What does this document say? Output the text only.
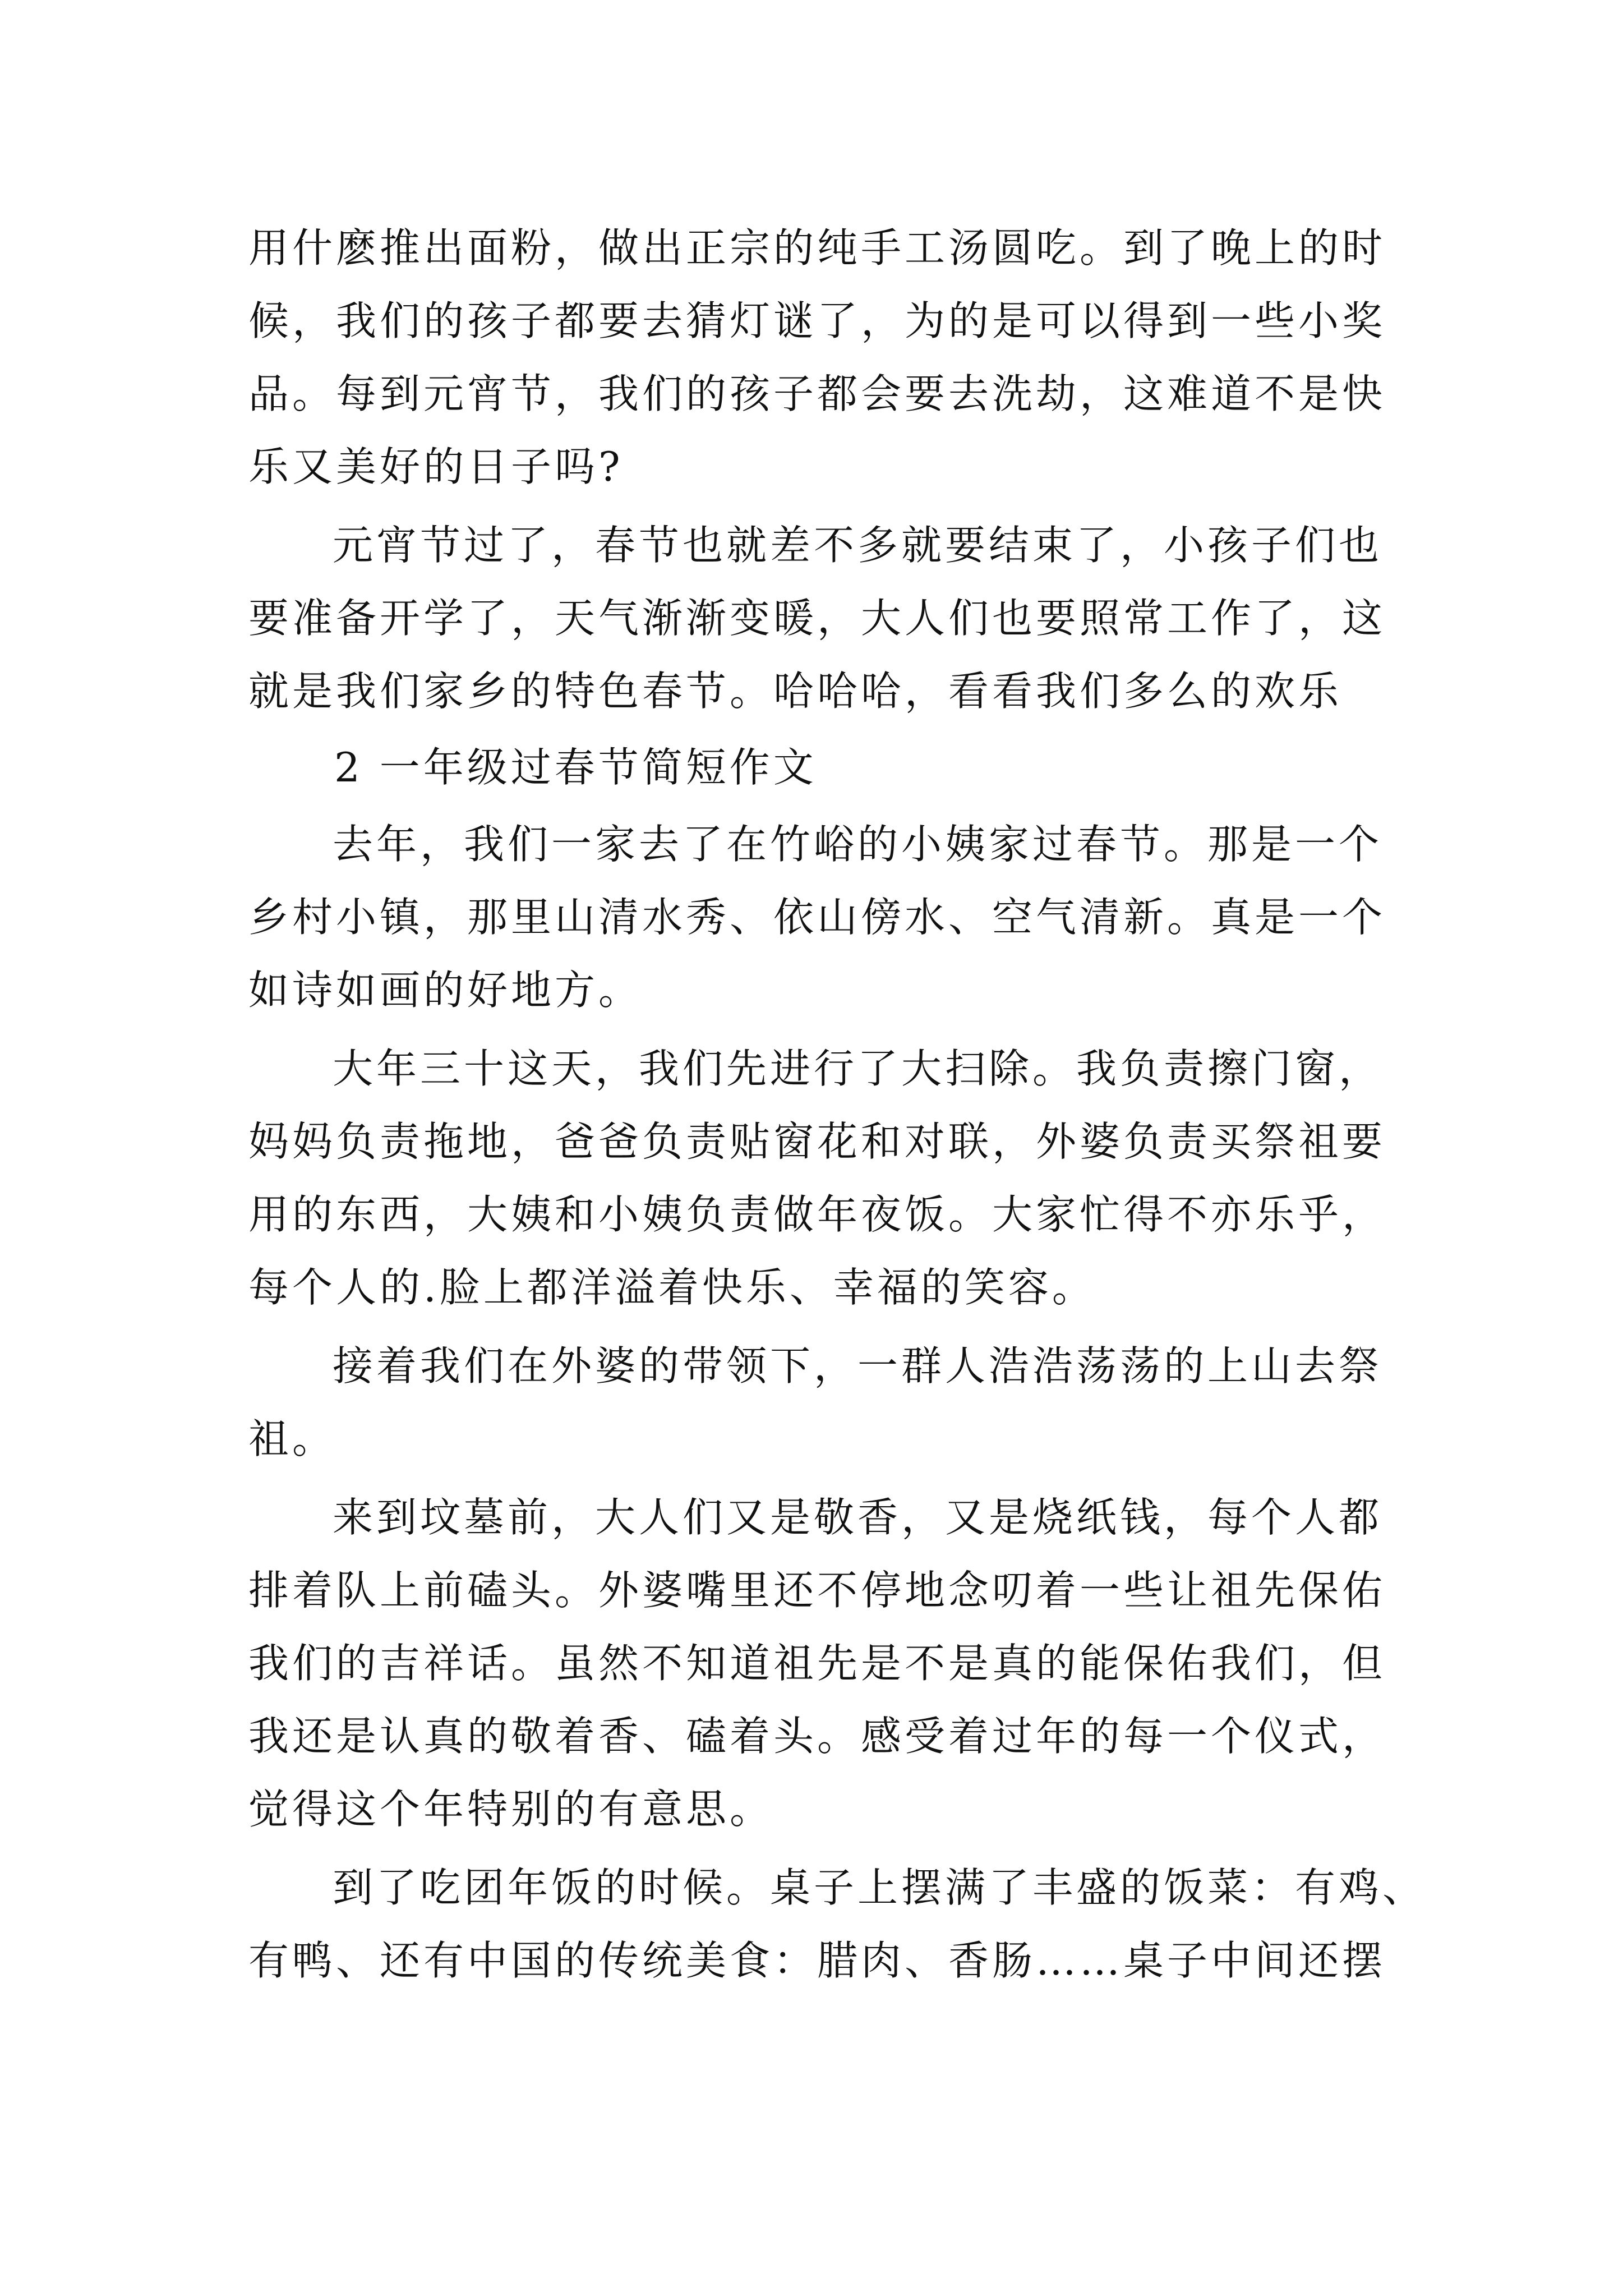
用什麽推出面粉，做出正宗的纯手工汤圆吃。到了晚上的时
候，我们的孩子都要去猜灯谜了，为的是可以得到一些小奖
品。每到元宵节，我们的孩子都会要去洗劫，这难道不是快
乐又美好的日子吗?
元宵节过了，春节也就差不多就要结束了，小孩子们也
要准备开学了，天气渐渐变暖，大人们也要照常工作了，这
就是我们家乡的特色春节。哈哈哈，看看我们多么的欢乐
2 一年级过春节简短作文
去年，我们一家去了在竹峪的小姨家过春节。那是一个
乡村小镇，那里山清水秀、依山傍水、空气清新。真是一个
如诗如画的好地方。
大年三十这天，我们先进行了大扫除。我负责擦门窗，
妈妈负责拖地，爸爸负责贴窗花和对联，外婆负责买祭祖要
用的东西，大姨和小姨负责做年夜饭。大家忙得不亦乐乎，
每个人的.脸上都洋溢着快乐、幸福的笑容。
接着我们在外婆的带领下，一群人浩浩荡荡的上山去祭
祖。
来到坟墓前，大人们又是敬香，又是烧纸钱，每个人都
排着队上前磕头。外婆嘴里还不停地念叨着一些让祖先保佑
我们的吉祥话。虽然不知道祖先是不是真的能保佑我们，但
我还是认真的敬着香、磕着头。感受着过年的每一个仪式，
觉得这个年特别的有意思。
到了吃团年饭的时候。桌子上摆满了丰盛的饭菜：有鸡、
有鸭、还有中国的传统美食：腊肉、香肠……桌子中间还摆
